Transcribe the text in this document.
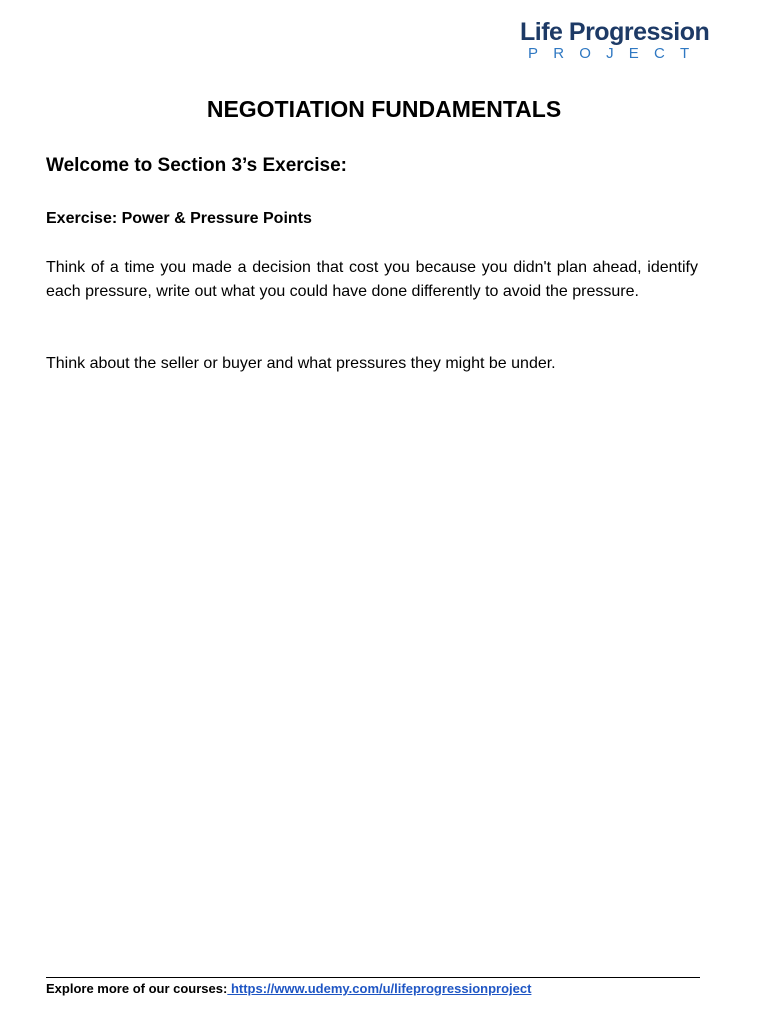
Life Progression
PROJECT
NEGOTIATION FUNDAMENTALS
Welcome to Section 3’s Exercise:
Exercise: Power & Pressure Points

Think of a time you made a decision that cost you because you didn't plan ahead, identify each pressure, write out what you could have done differently to avoid the pressure.

Think about the seller or buyer and what pressures they might be under.

Explore more of our courses: https://www.udemy.com/u/lifeprogressionproject
